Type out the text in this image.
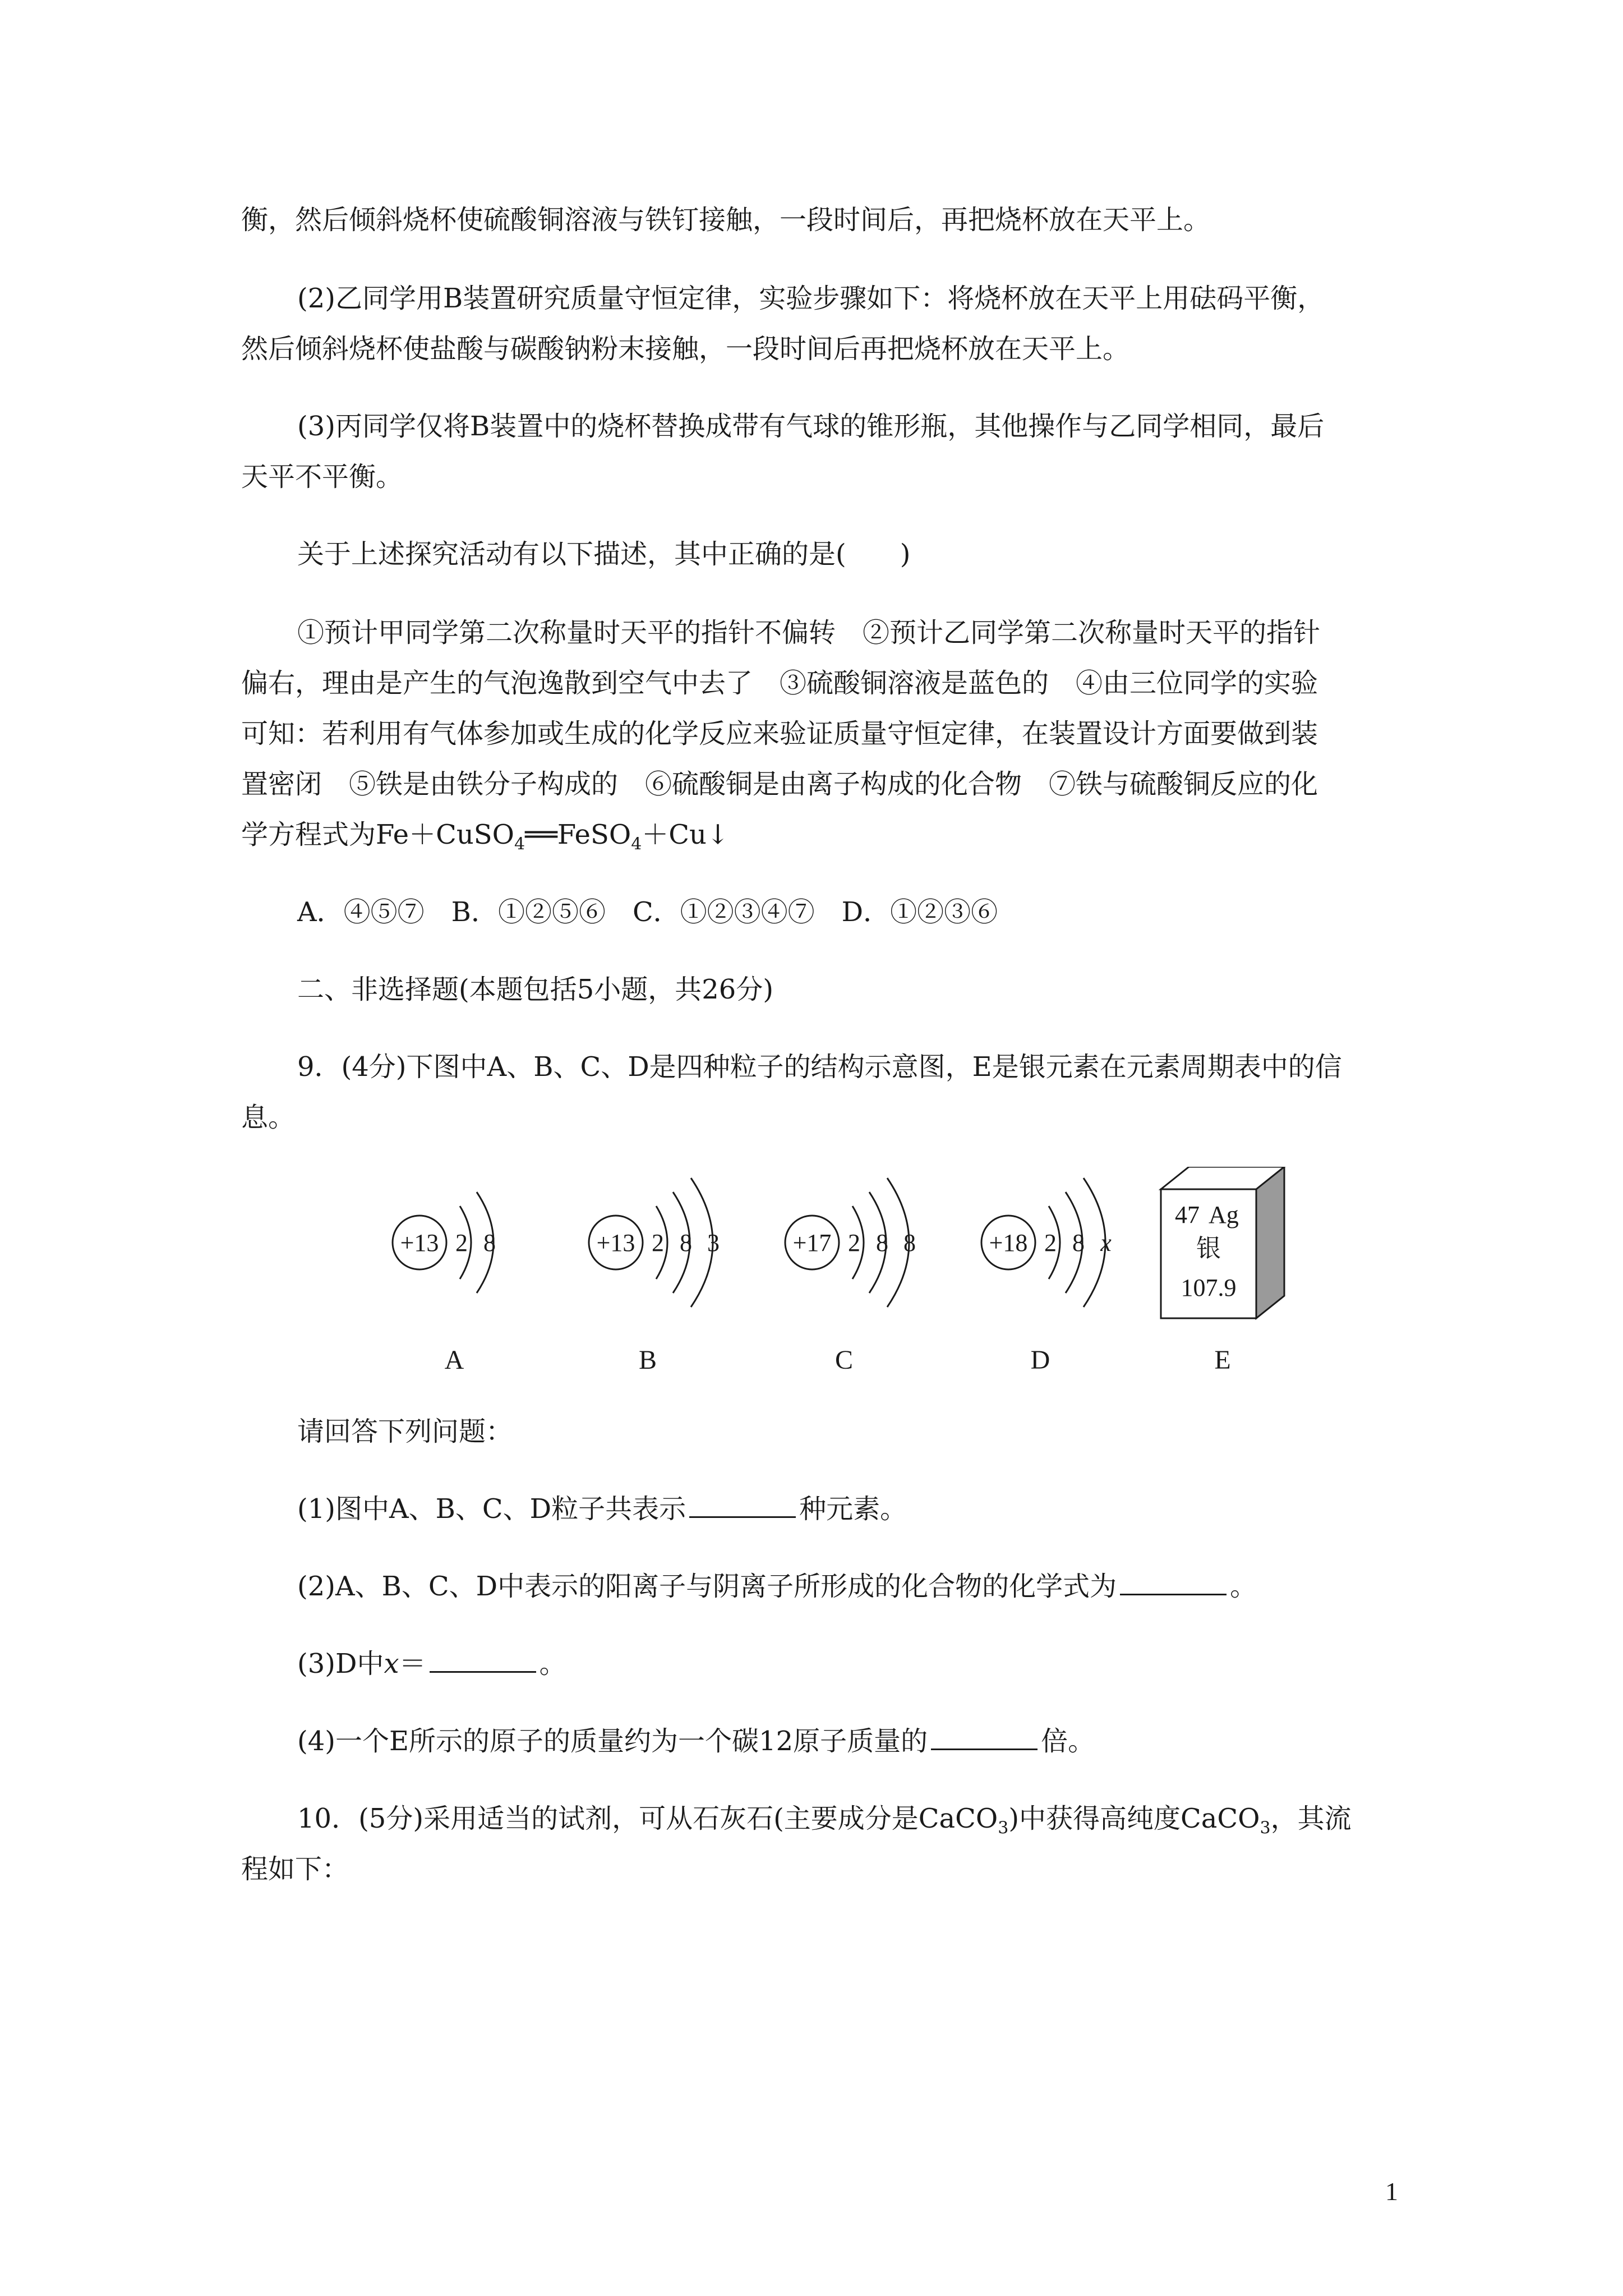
衡，然后倾斜烧杯使硫酸铜溶液与铁钉接触，一段时间后，再把烧杯放在天平上。
(2)乙同学用B装置研究质量守恒定律，实验步骤如下：将烧杯放在天平上用砝码平衡，
然后倾斜烧杯使盐酸与碳酸钠粉末接触，一段时间后再把烧杯放在天平上。
(3)丙同学仅将B装置中的烧杯替换成带有气球的锥形瓶，其他操作与乙同学相同，最后
天平不平衡。
关于上述探究活动有以下描述，其中正确的是(　　)
①预计甲同学第二次称量时天平的指针不偏转　②预计乙同学第二次称量时天平的指针
偏右，理由是产生的气泡逸散到空气中去了　③硫酸铜溶液是蓝色的　④由三位同学的实验
可知：若利用有气体参加或生成的化学反应来验证质量守恒定律，在装置设计方面要做到装
置密闭　⑤铁是由铁分子构成的　⑥硫酸铜是由离子构成的化合物　⑦铁与硫酸铜反应的化
学方程式为Fe＋CuSO$_4$══FeSO$_4$＋Cu↓
A．④⑤⑦　B．①②⑤⑥　C．①②③④⑦　D．①②③⑥
二、非选择题(本题包括5小题，共26分)
9．(4分)下图中A、B、C、D是四种粒子的结构示意图，E是银元素在元素周期表中的信
息。
+13 2 8
A
+13 2 8 3
B
+17 2 8 8
C
+18 2 8 x
D
47 Ag
银
107.9
E
请回答下列问题：
(1)图中A、B、C、D粒子共表示	种元素。
(2)A、B、C、D中表示的阳离子与阴离子所形成的化合物的化学式为	。
(3)D中x＝	。
(4)一个E所示的原子的质量约为一个碳12原子质量的	倍。
10．(5分)采用适当的试剂，可从石灰石(主要成分是CaCO$_3$)中获得高纯度CaCO$_3$，其流
程如下：
1
